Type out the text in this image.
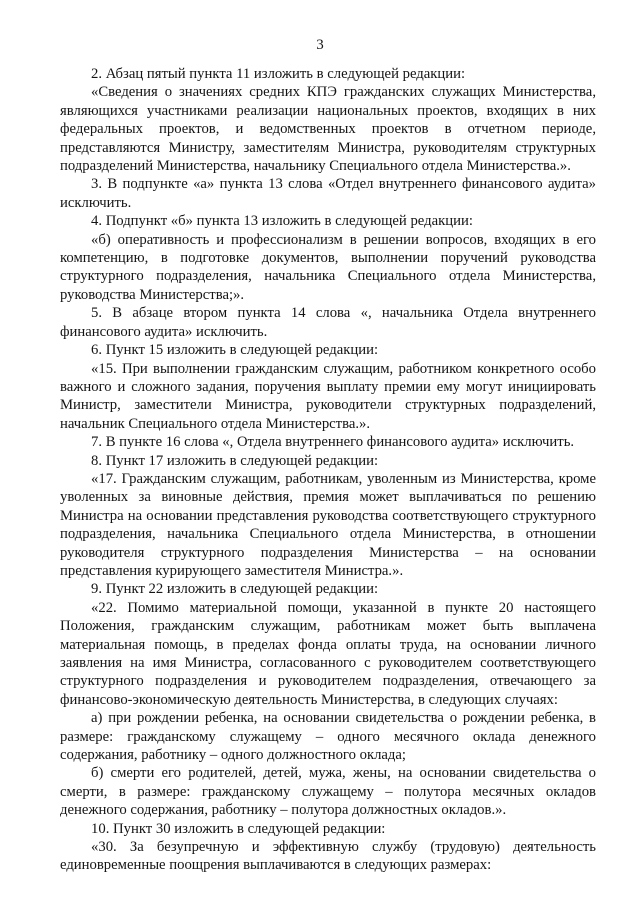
3

2. Абзац пятый пункта 11 изложить в следующей редакции:

«Сведения о значениях средних КПЭ гражданских служащих Министерства, являющихся участниками реализации национальных проектов, входящих в них федеральных проектов, и ведомственных проектов в отчетном периоде, представляются Министру, заместителям Министра, руководителям структурных подразделений Министерства, начальнику Специального отдела Министерства.».

3. В подпункте «а» пункта 13 слова «Отдел внутреннего финансового аудита» исключить.

4. Подпункт «б» пункта 13 изложить в следующей редакции:

«б) оперативность и профессионализм в решении вопросов, входящих в его компетенцию, в подготовке документов, выполнении поручений руководства структурного подразделения, начальника Специального отдела Министерства, руководства Министерства;».

5. В абзаце втором пункта 14 слова «, начальника Отдела внутреннего финансового аудита» исключить.

6. Пункт 15 изложить в следующей редакции:

«15. При выполнении гражданским служащим, работником конкретного особо важного и сложного задания, поручения выплату премии ему могут инициировать Министр, заместители Министра, руководители структурных подразделений, начальник Специального отдела Министерства.».

7. В пункте 16 слова «, Отдела внутреннего финансового аудита» исключить.

8. Пункт 17 изложить в следующей редакции:

«17. Гражданским служащим, работникам, уволенным из Министерства, кроме уволенных за виновные действия, премия может выплачиваться по решению Министра на основании представления руководства соответствующего структурного подразделения, начальника Специального отдела Министерства, в отношении руководителя структурного подразделения Министерства – на основании представления курирующего заместителя Министра.».

9. Пункт 22 изложить в следующей редакции:

«22. Помимо материальной помощи, указанной в пункте 20 настоящего Положения, гражданским служащим, работникам может быть выплачена материальная помощь, в пределах фонда оплаты труда, на основании личного заявления на имя Министра, согласованного с руководителем соответствующего структурного подразделения и руководителем подразделения, отвечающего за финансово-экономическую деятельность Министерства, в следующих случаях:

а) при рождении ребенка, на основании свидетельства о рождении ребенка, в размере: гражданскому служащему – одного месячного оклада денежного содержания, работнику – одного должностного оклада;

б) смерти его родителей, детей, мужа, жены, на основании свидетельства о смерти, в размере: гражданскому служащему – полутора месячных окладов денежного содержания, работнику – полутора должностных окладов.».

10. Пункт 30 изложить в следующей редакции:

«30. За безупречную и эффективную службу (трудовую) деятельность единовременные поощрения выплачиваются в следующих размерах:
